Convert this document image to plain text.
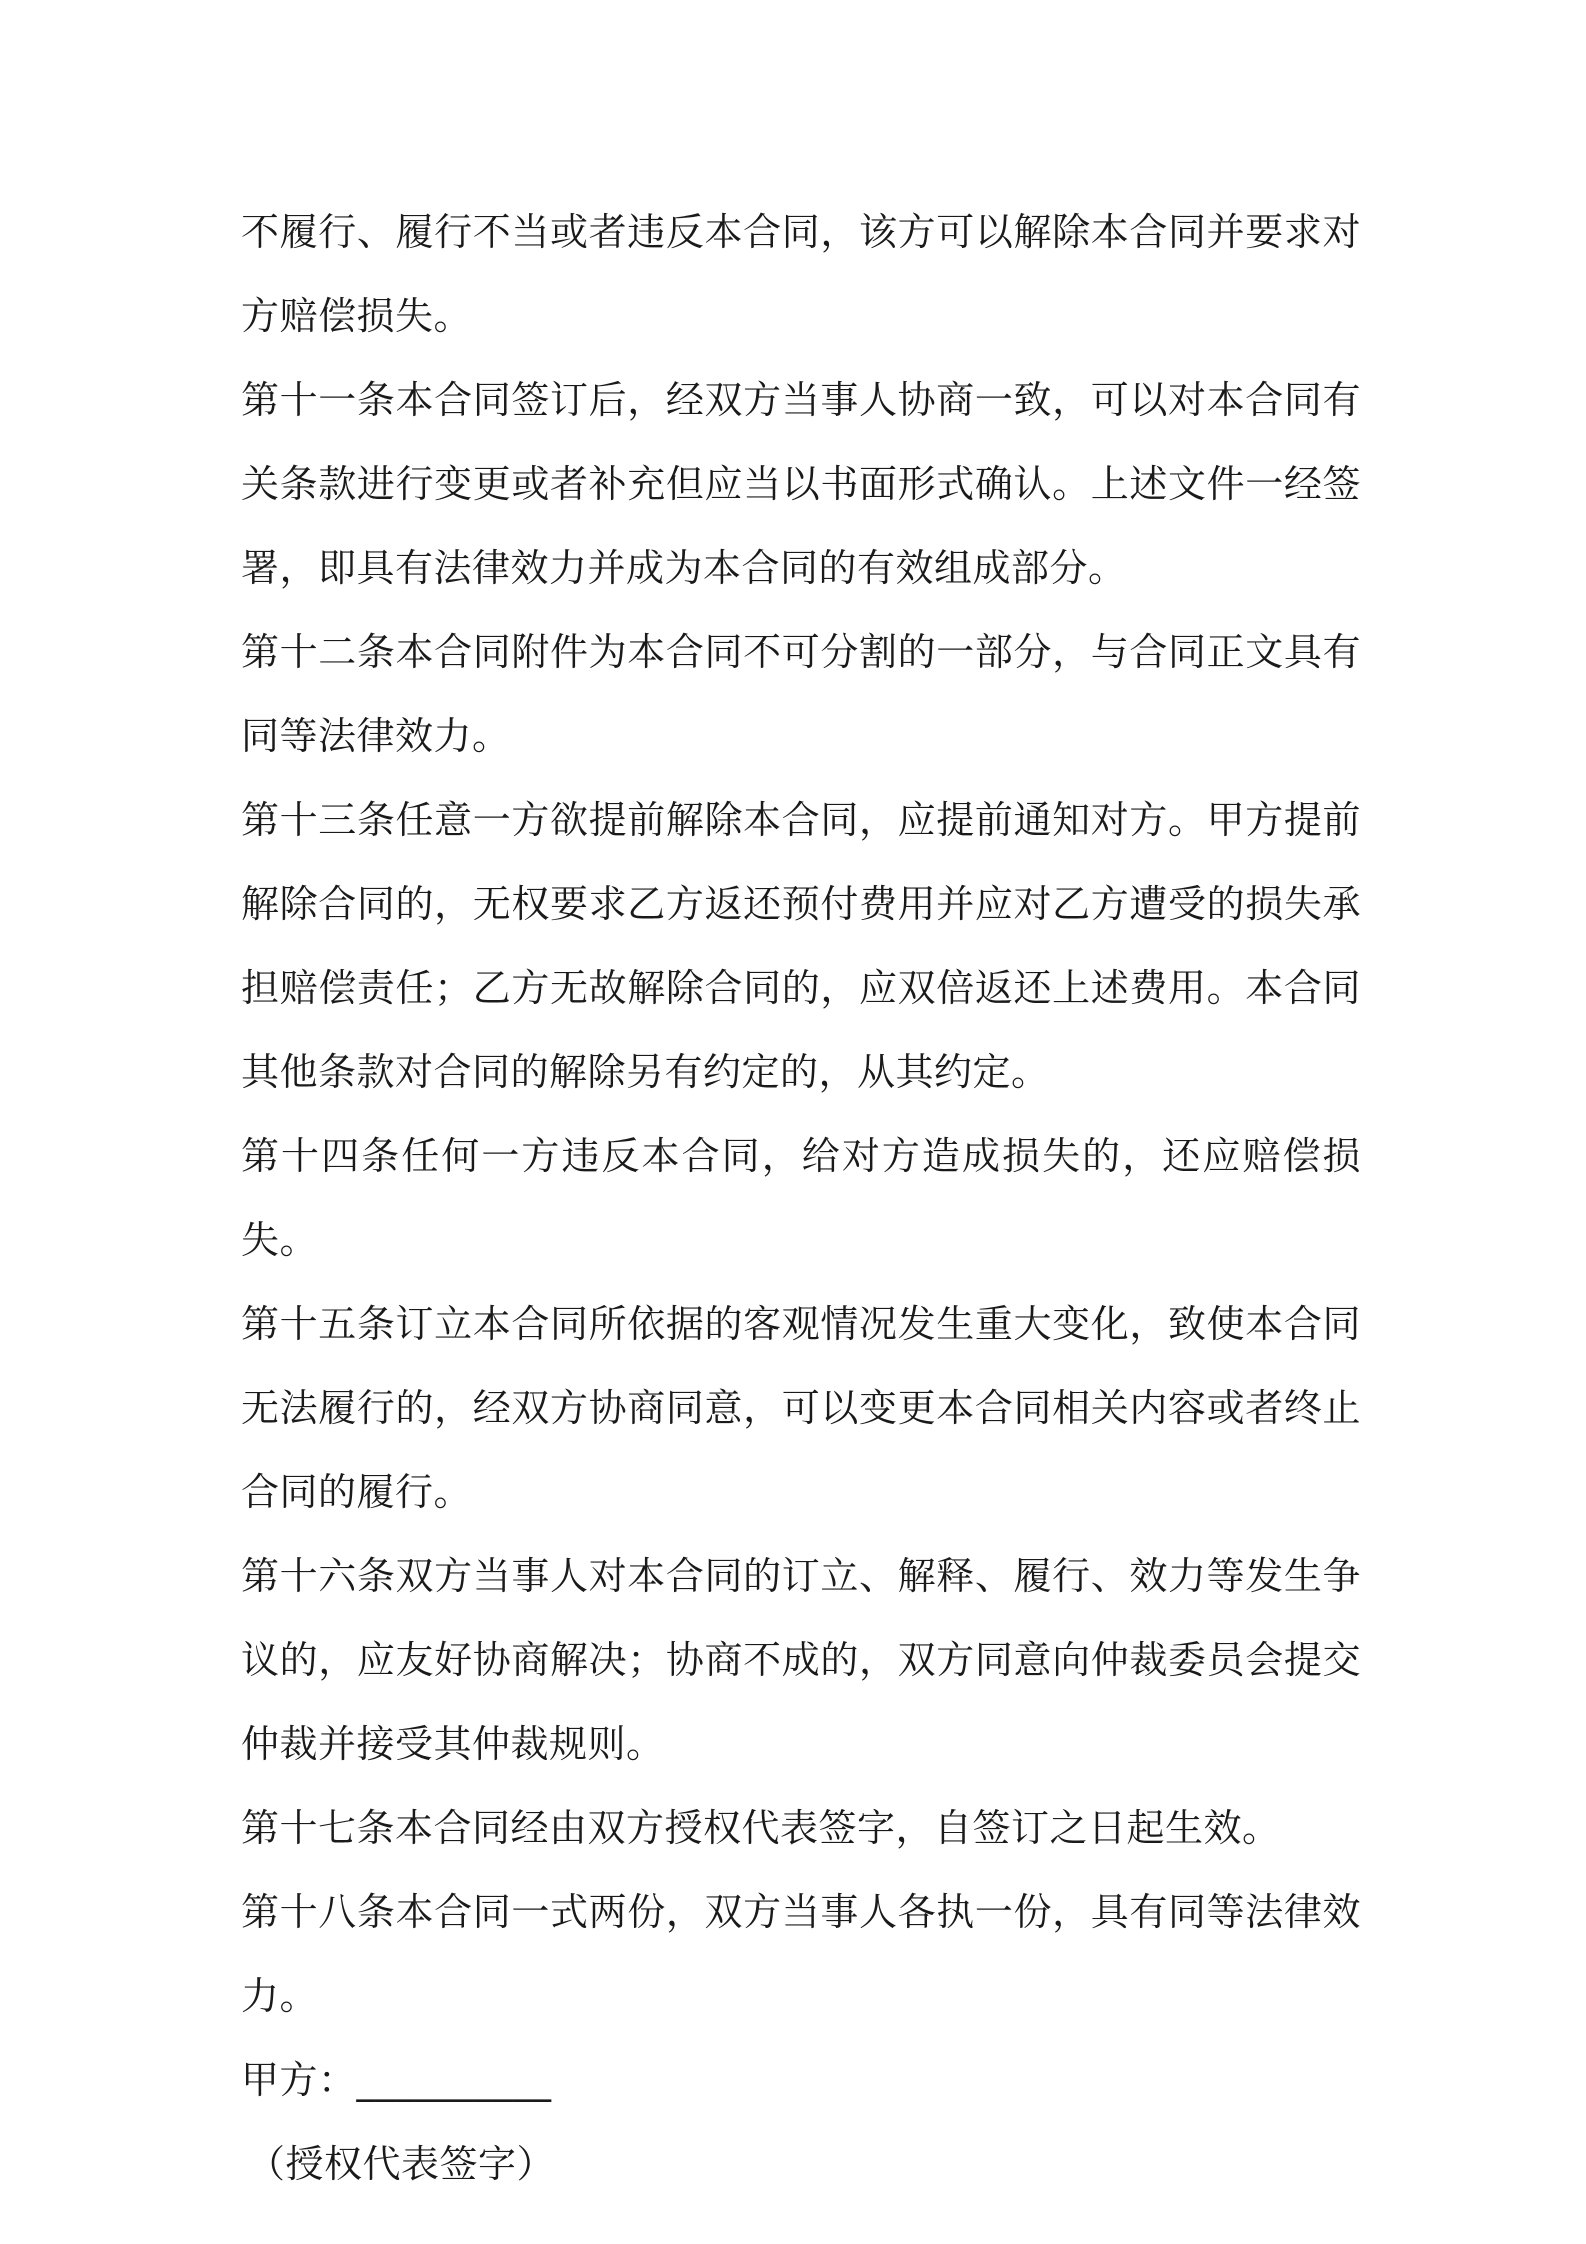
不履行、履行不当或者违反本合同，该方可以解除本合同并要求对方赔偿损失。

第十一条本合同签订后，经双方当事人协商一致，可以对本合同有关条款进行变更或者补充但应当以书面形式确认。上述文件一经签署，即具有法律效力并成为本合同的有效组成部分。

第十二条本合同附件为本合同不可分割的一部分，与合同正文具有同等法律效力。

第十三条任意一方欲提前解除本合同，应提前通知对方。甲方提前解除合同的，无权要求乙方返还预付费用并应对乙方遭受的损失承担赔偿责任；乙方无故解除合同的，应双倍返还上述费用。本合同其他条款对合同的解除另有约定的，从其约定。

第十四条任何一方违反本合同，给对方造成损失的，还应赔偿损失。

第十五条订立本合同所依据的客观情况发生重大变化，致使本合同无法履行的，经双方协商同意，可以变更本合同相关内容或者终止合同的履行。

第十六条双方当事人对本合同的订立、解释、履行、效力等发生争议的，应友好协商解决；协商不成的，双方同意向仲裁委员会提交仲裁并接受其仲裁规则。

第十七条本合同经由双方授权代表签字，自签订之日起生效。

第十八条本合同一式两份，双方当事人各执一份，具有同等法律效力。

甲方：__________

（授权代表签字）
